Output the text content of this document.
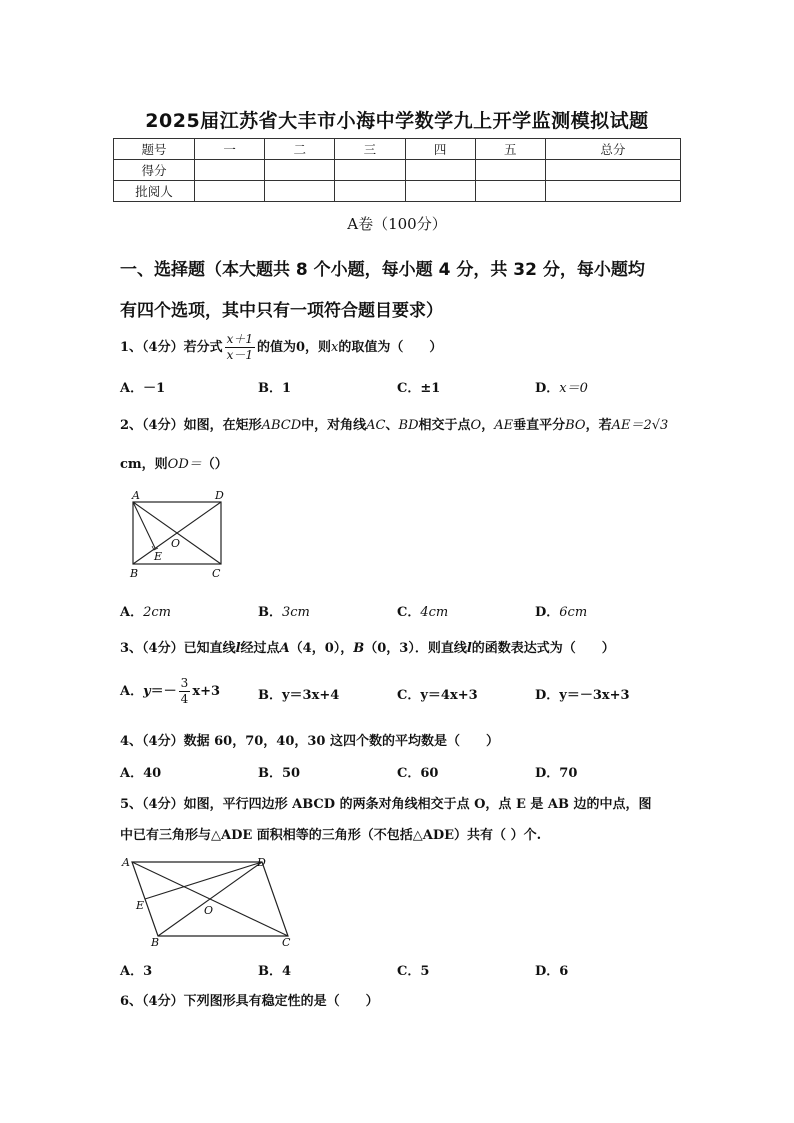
2025届江苏省大丰市小海中学数学九上开学监测模拟试题
题号	一	二	三	四	五	总分
得分						
批阅人						
A卷（100分）
一、选择题（本大题共 8 个小题，每小题 4 分，共 32 分，每小题均
有四个选项，其中只有一项符合题目要求）
1、（4分）若分式 $\frac{x+1}{x-1}$ 的值为0，则x的取值为（　　）
A．－1	B．1	C．±1	D．x＝0
2、（4分）如图，在矩形ABCD中，对角线AC、BD相交于点O，AE垂直平分BO，若AE＝2√3
cm，则OD＝（）
A	D
O
E
B	C
A．2cm	B．3cm	C．4cm	D．6cm
3、（4分）已知直线l经过点A（4，0），B（0，3）．则直线l的函数表达式为（　　）
A．$y=- \frac{3}{4} x+3$	B．y＝3x+4	C．y＝4x+3	D．y＝－3x+3
4、（4分）数据 60，70，40，30 这四个数的平均数是（　　）
A．40	B．50	C．60	D．70
5、（4分）如图，平行四边形 ABCD 的两条对角线相交于点 O，点 E 是 AB 边的中点，图
中已有三角形与△ADE 面积相等的三角形（不包括△ADE）共有（ ）个.
A	D
E	O
B	C
A．3	B．4	C．5	D．6
6、（4分）下列图形具有稳定性的是（　　）
